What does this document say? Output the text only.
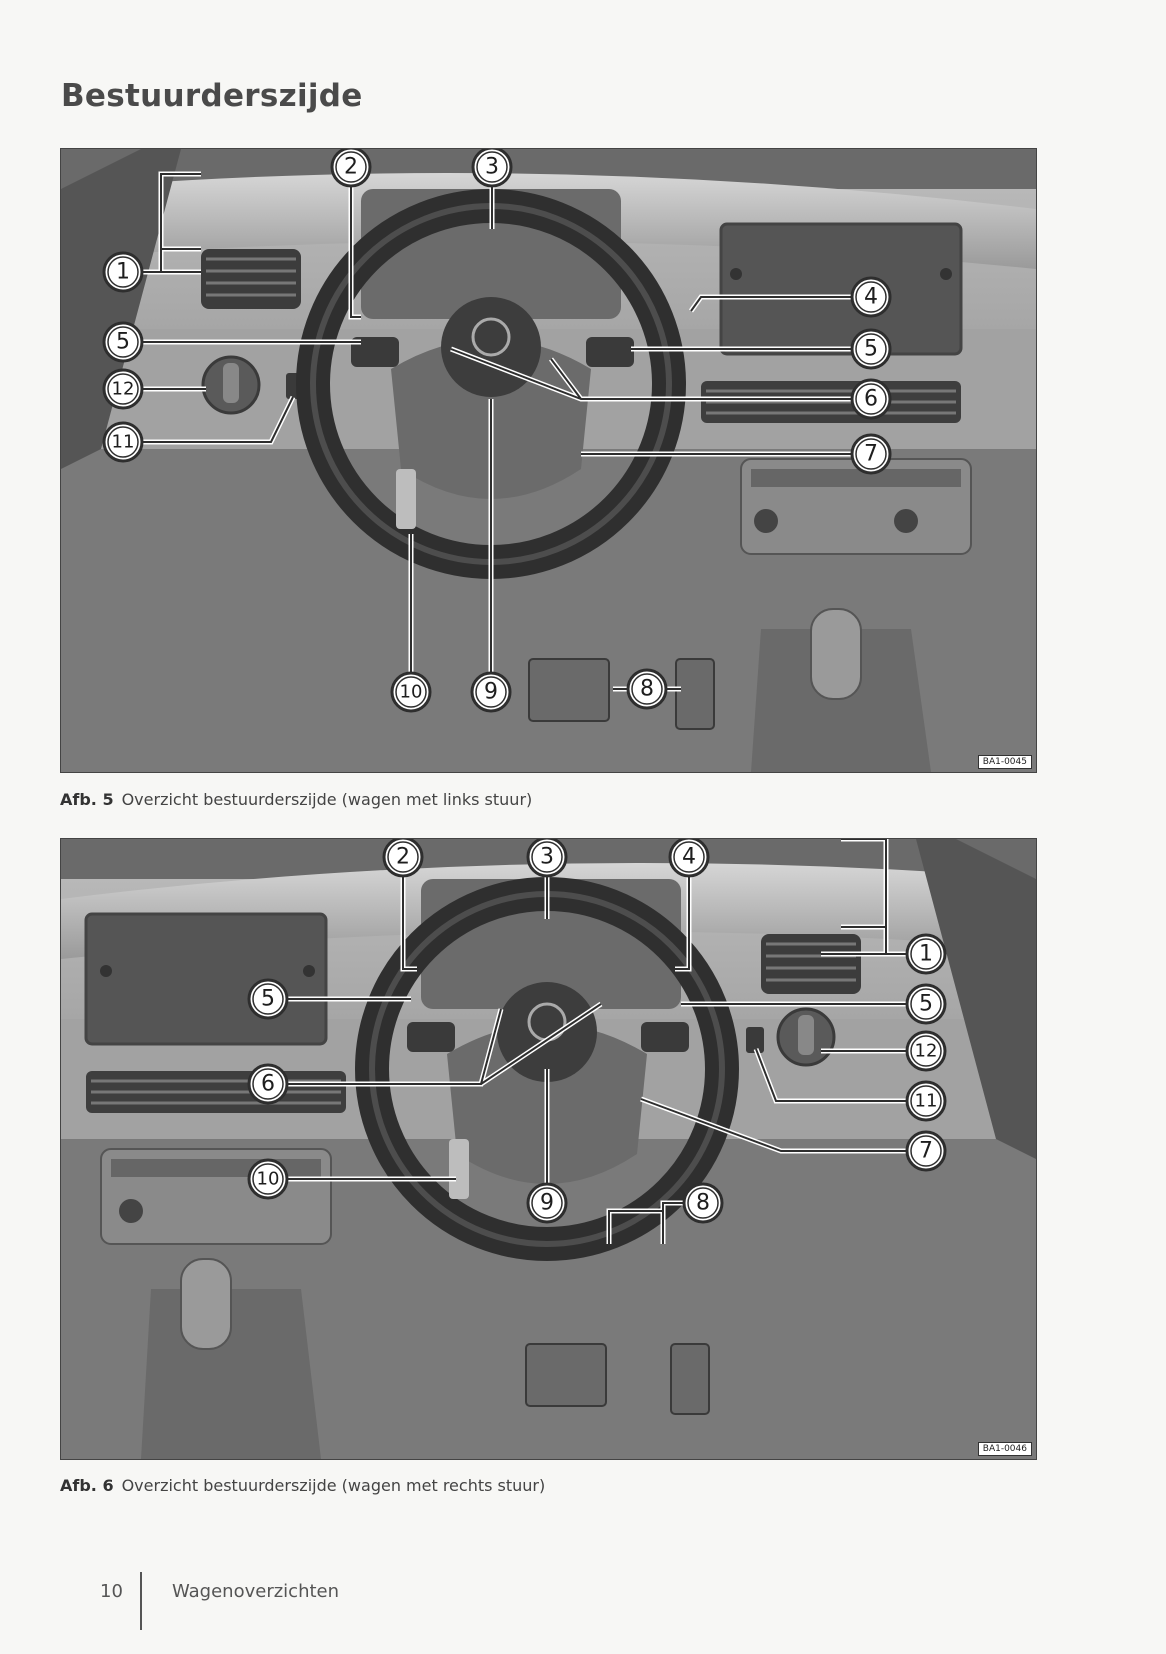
Bestuurderszijde
1
2	3
4
5	5
12	6
11	7
10	9	8
BA1-0045
Afb. 5 Overzicht bestuurderszijde (wagen met links stuur)
2	3	4
1
5	5
12
6
11
7
10
9	8
BA1-0046
Afb. 6 Overzicht bestuurderszijde (wagen met rechts stuur)
10	Wagenoverzichten
